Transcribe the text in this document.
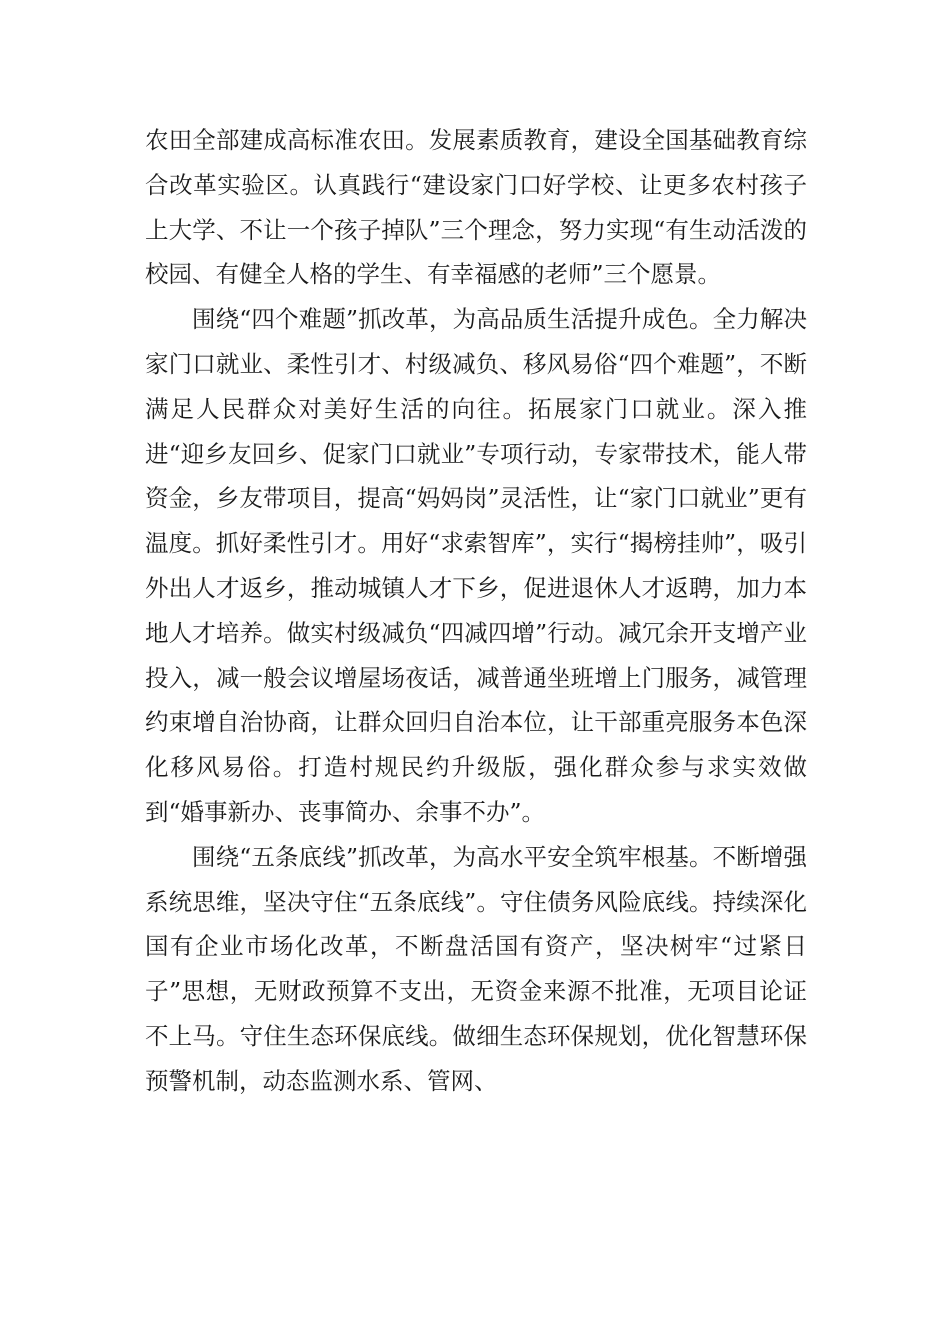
农田全部建成高标准农田。发展素质教育，建设全国基础教育综合改革实验区。认真践行“建设家门口好学校、让更多农村孩子上大学、不让一个孩子掉队”三个理念，努力实现“有生动活泼的校园、有健全人格的学生、有幸福感的老师”三个愿景。

围绕“四个难题”抓改革，为高品质生活提升成色。全力解决家门口就业、柔性引才、村级减负、移风易俗“四个难题”，不断满足人民群众对美好生活的向往。拓展家门口就业。深入推进“迎乡友回乡、促家门口就业”专项行动，专家带技术，能人带资金，乡友带项目，提高“妈妈岗”灵活性，让“家门口就业”更有温度。抓好柔性引才。用好“求索智库”，实行“揭榜挂帅”，吸引外出人才返乡，推动城镇人才下乡，促进退休人才返聘，加力本地人才培养。做实村级减负“四减四增”行动。减冗余开支增产业投入，减一般会议增屋场夜话，减普通坐班增上门服务，减管理约束增自治协商，让群众回归自治本位，让干部重亮服务本色深化移风易俗。打造村规民约升级版，强化群众参与求实效做到“婚事新办、丧事简办、余事不办”。

围绕“五条底线”抓改革，为高水平安全筑牢根基。不断增强系统思维，坚决守住“五条底线”。守住债务风险底线。持续深化国有企业市场化改革，不断盘活国有资产，坚决树牢“过紧日子”思想，无财政预算不支出，无资金来源不批准，无项目论证不上马。守住生态环保底线。做细生态环保规划，优化智慧环保预警机制，动态监测水系、管网、
